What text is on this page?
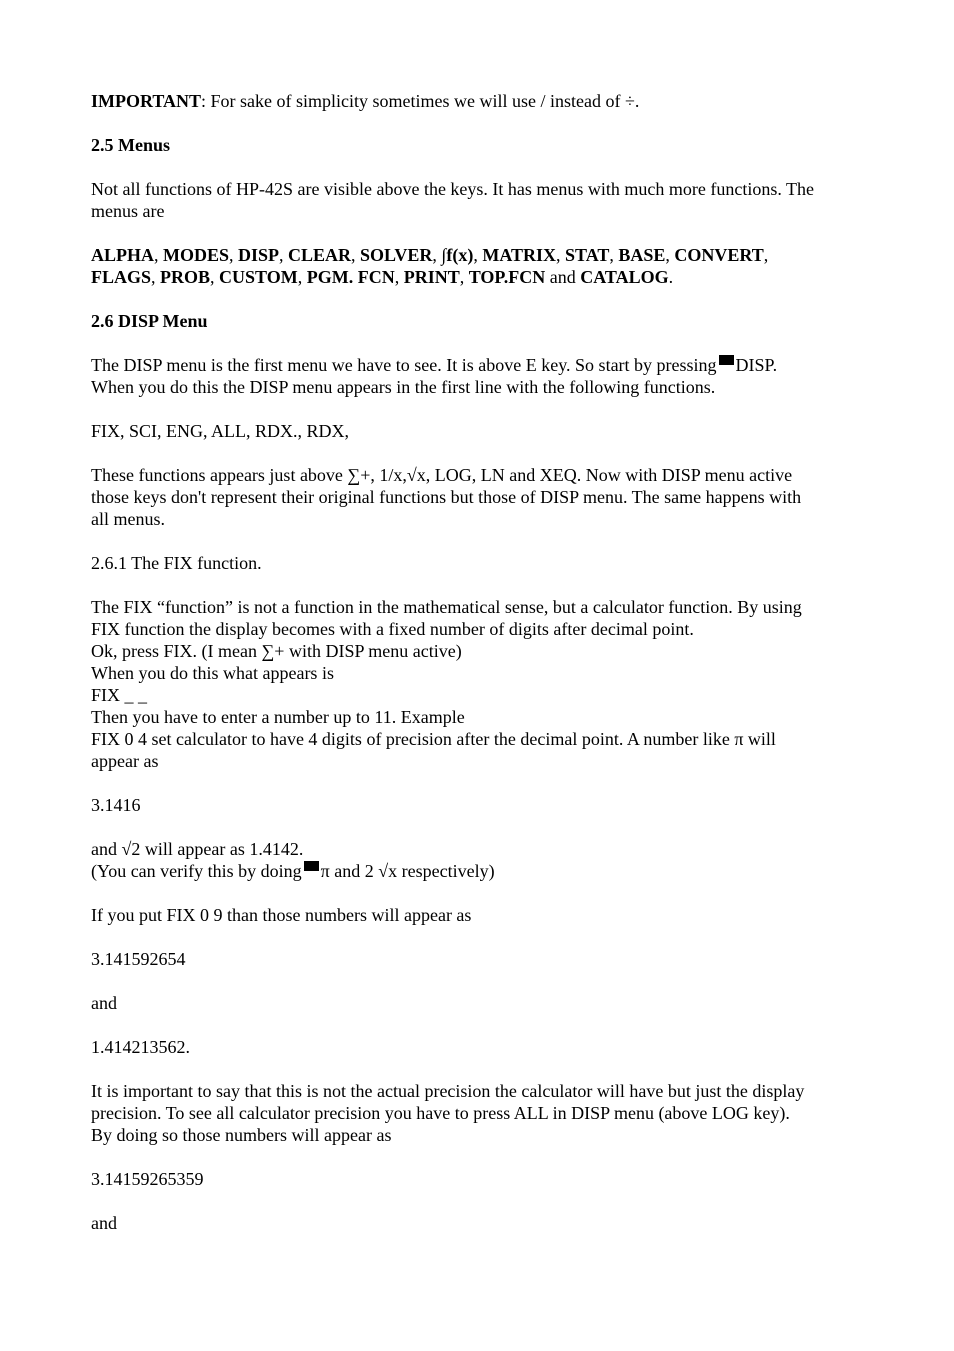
IMPORTANT: For sake of simplicity sometimes we will use / instead of ÷.

2.5 Menus

Not all functions of HP-42S are visible above the keys. It has menus with much more functions. The
menus are

ALPHA, MODES, DISP, CLEAR, SOLVER, ∫f(x), MATRIX, STAT, BASE, CONVERT,
FLAGS, PROB, CUSTOM, PGM. FCN, PRINT, TOP.FCN and CATALOG.

2.6 DISP Menu

The DISP menu is the first menu we have to see. It is above E key. So start by pressing DISP.
When you do this the DISP menu appears in the first line with the following functions.

FIX, SCI, ENG, ALL, RDX., RDX,

These functions appears just above ∑+, 1/x,√x, LOG, LN and XEQ. Now with DISP menu active
those keys don't represent their original functions but those of DISP menu. The same happens with
all menus.

2.6.1 The FIX function.

The FIX “function” is not a function in the mathematical sense, but a calculator function. By using
FIX function the display becomes with a fixed number of digits after decimal point.
Ok, press FIX. (I mean ∑+ with DISP menu active)
When you do this what appears is
FIX _ _
Then you have to enter a number up to 11. Example
FIX 0 4 set calculator to have 4 digits of precision after the decimal point. A number like π will
appear as

3.1416

and √2 will appear as 1.4142.
(You can verify this by doing π and 2 √x respectively)

If you put FIX 0 9 than those numbers will appear as

3.141592654

and

1.414213562.

It is important to say that this is not the actual precision the calculator will have but just the display
precision. To see all calculator precision you have to press ALL in DISP menu (above LOG key).
By doing so those numbers will appear as

3.14159265359

and
